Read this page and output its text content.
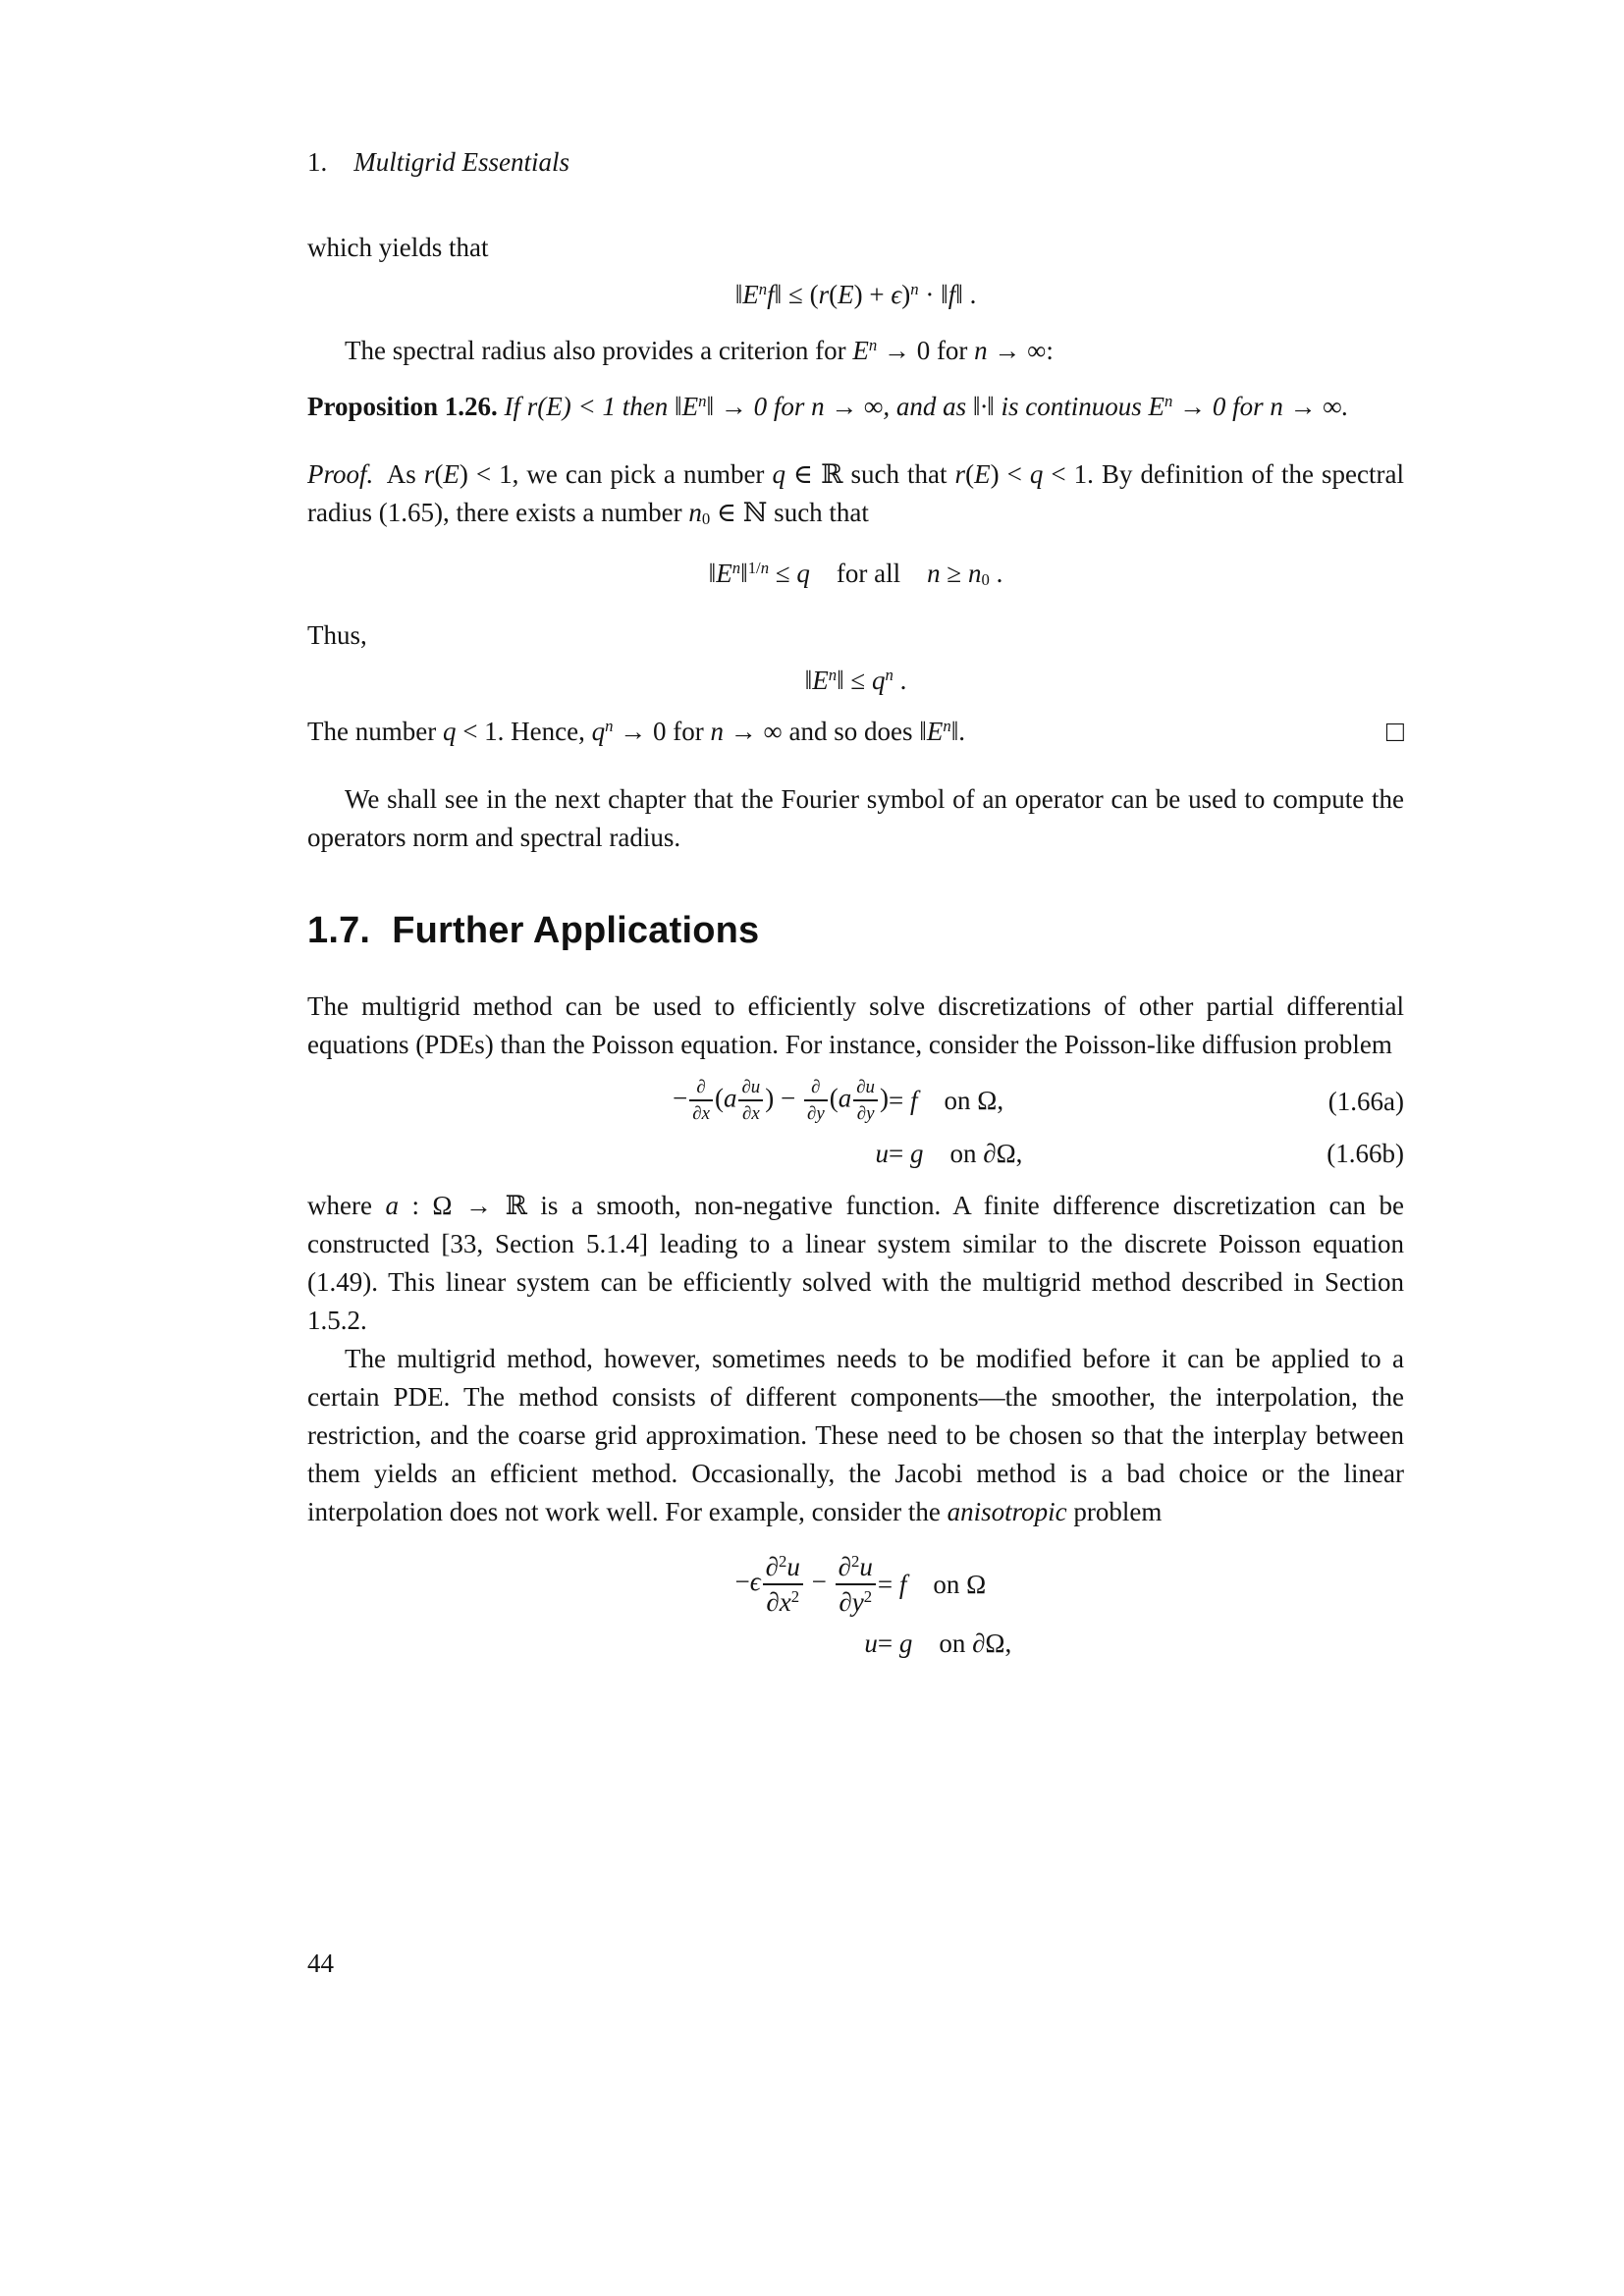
1.   Multigrid Essentials
which yields that
$‖E^nf‖ \le (r(E) + \epsilon)^n$ · ‖f‖ .
The spectral radius also provides a criterion for $E^n \to 0$ for n → ∞:
Proposition 1.26. If r(E) < 1 then $‖E^n‖ \to 0$ for n → ∞, and as ‖·‖ is continuous $E^n \to 0$ for n → ∞.
Proof. As r(E) < 1, we can pick a number q ∈ ℝ such that r(E) < q < 1. By definition of the spectral radius (1.65), there exists a number n0 ∈ ℕ such that
$‖E^n‖^{1/n} \le q$ for all n ≥ n0 .
Thus,
$‖E^n‖ \le q^n$ .
The number q < 1. Hence, $q^n \to 0$ for n → ∞ and so does $‖E^n‖$.	□
We shall see in the next chapter that the Fourier symbol of an operator can be used to compute the operators norm and spectral radius.
1.7. Further Applications
The multigrid method can be used to efficiently solve discretizations of other partial differential equations (PDEs) than the Poisson equation. For instance, consider the Poisson-like diffusion problem
− $\frac{\partial}{\partial x} (a \frac{\partial u}{\partial x}$ ) − $\frac{\partial}{\partial y} (a \frac{\partial u}{\partial y}$ ) = f on Ω,	(1.66a)
u = g on ∂Ω,	(1.66b)
where a : Ω → ℝ is a smooth, non-negative function. A finite difference discretization can be constructed [33, Section 5.1.4] leading to a linear system similar to the discrete Poisson equation (1.49). This linear system can be efficiently solved with the multigrid method described in Section 1.5.2.
The multigrid method, however, sometimes needs to be modified before it can be applied to a certain PDE. The method consists of different components—the smoother, the interpolation, the restriction, and the coarse grid approximation. These need to be chosen so that the interplay between them yields an efficient method. Occasionally, the Jacobi method is a bad choice or the linear interpolation does not work well. For example, consider the anisotropic problem
$-\epsilon \frac{\partial^2u}{\partial x^2} - \frac{\partial^2u}{\partial y^2} = f$ on Ω
u = g on ∂Ω,
44
